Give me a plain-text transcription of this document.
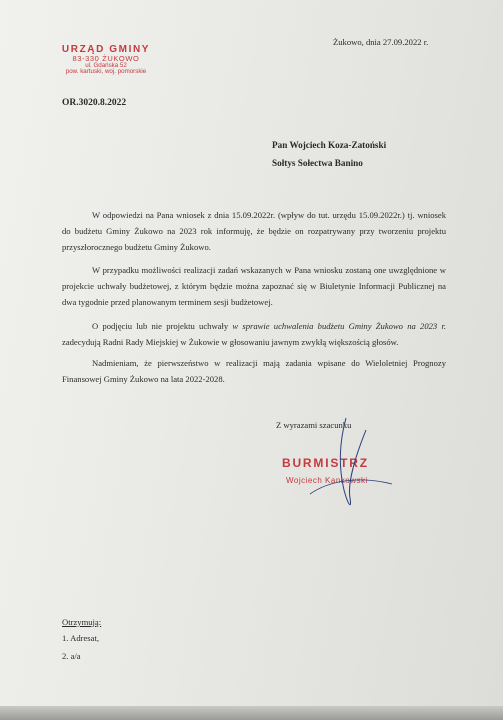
Żukowo, dnia 27.09.2022 r.
URZĄD GMINY
83-330 ŻUKOWO
ul. Gdańska 52
pow. kartuski, woj. pomorskie
OR.3020.8.2022
Pan Wojciech Koza-Zatoński
Sołtys Sołectwa Banino
W odpowiedzi na Pana wniosek z dnia 15.09.2022r. (wpływ do tut. urzędu 15.09.2022r.) tj. wniosek do budżetu Gminy Żukowo na 2023 rok informuję, że będzie on rozpatrywany przy tworzeniu projektu przyszłorocznego budżetu Gminy Żukowo.
W przypadku możliwości realizacji zadań wskazanych w Pana wniosku zostaną one uwzględnione w projekcie uchwały budżetowej, z którym będzie można zapoznać się w Biuletynie Informacji Publicznej na dwa tygodnie przed planowanym terminem sesji budżetowej.
O podjęciu lub nie projektu uchwały w sprawie uchwalenia budżetu Gminy Żukowo na 2023 r. zadecydują Radni Rady Miejskiej w Żukowie w głosowaniu jawnym zwykłą większością głosów.
Nadmieniam, że pierwszeństwo w realizacji mają zadania wpisane do Wieloletniej Prognozy Finansowej Gminy Żukowo na lata 2022-2028.
Z wyrazami szacunku
BURMISTRZ
Wojciech Kankowski
Otrzymują:
1. Adresat,
2. a/a
